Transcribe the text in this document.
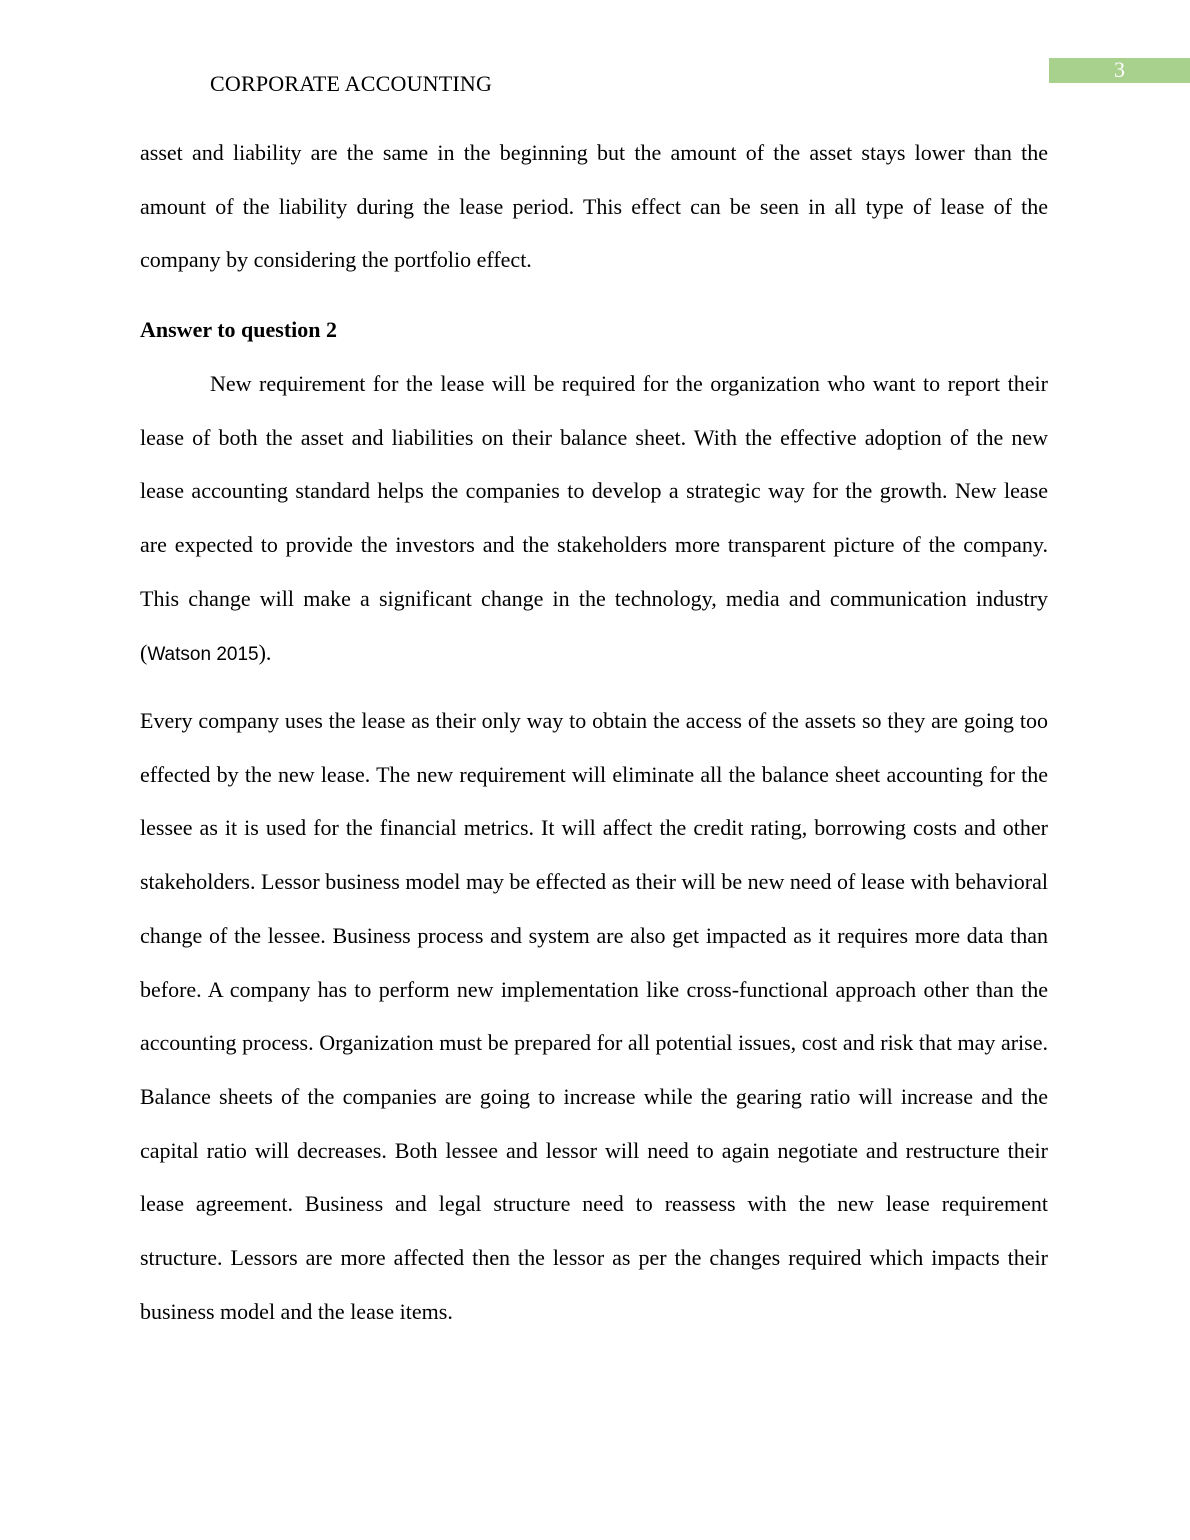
CORPORATE ACCOUNTING
3

asset and liability are the same in the beginning but the amount of the asset stays lower than the amount of the liability during the lease period. This effect can be seen in all type of lease of the company by considering the portfolio effect.

Answer to question 2

New requirement for the lease will be required for the organization who want to report their lease of both the asset and liabilities on their balance sheet. With the effective adoption of the new lease accounting standard helps the companies to develop a strategic way for the growth. New lease are expected to provide the investors and the stakeholders more transparent picture of the company. This change will make a significant change in the technology, media and communication industry (Watson 2015).

Every company uses the lease as their only way to obtain the access of the assets so they are going too effected by the new lease. The new requirement will eliminate all the balance sheet accounting for the lessee as it is used for the financial metrics. It will affect the credit rating, borrowing costs and other stakeholders. Lessor business model may be effected as their will be new need of lease with behavioral change of the lessee. Business process and system are also get impacted as it requires more data than before. A company has to perform new implementation like cross-functional approach other than the accounting process. Organization must be prepared for all potential issues, cost and risk that may arise. Balance sheets of the companies are going to increase while the gearing ratio will increase and the capital ratio will decreases. Both lessee and lessor will need to again negotiate and restructure their lease agreement. Business and legal structure need to reassess with the new lease requirement structure. Lessors are more affected then the lessor as per the changes required which impacts their business model and the lease items.
